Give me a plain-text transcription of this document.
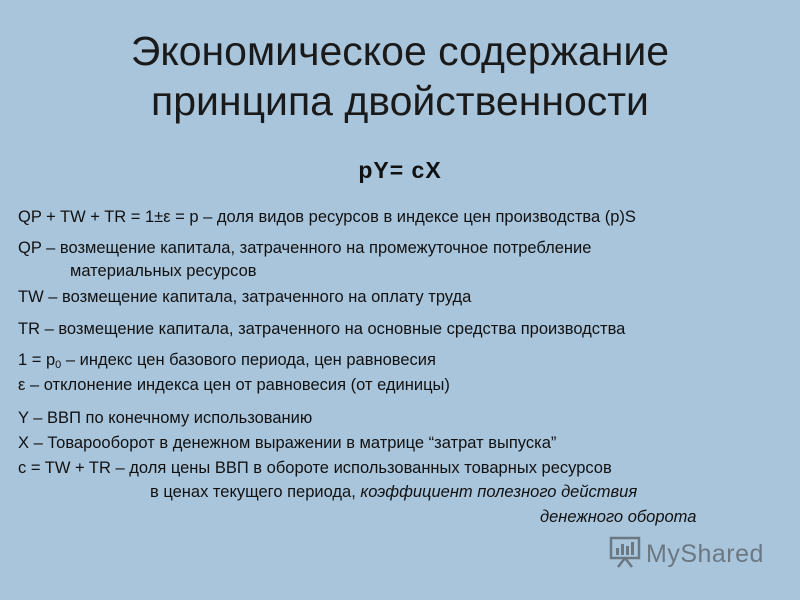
Экономическое содержание
принципа двойственности
pY= cX
QP + TW + TR = 1±ε = p – доля видов ресурсов в индексе цен производства (p)S
QP – возмещение капитала, затраченного на промежуточное потребление
материальных ресурсов
TW – возмещение капитала, затраченного на оплату труда
TR – возмещение капитала, затраченного на основные средства производства
$1 = p_0$ – индекс цен базового периода, цен равновесия
ε – отклонение индекса цен от равновесия (от единицы)
Y – ВВП по конечному использованию
X – Товарооборот в денежном выражении в матрице “затрат выпуска”
c = TW + TR – доля цены ВВП в обороте использованных товарных ресурсов
в ценах текущего периода, коэффициент полезного действия
денежного оборота
MyShared
